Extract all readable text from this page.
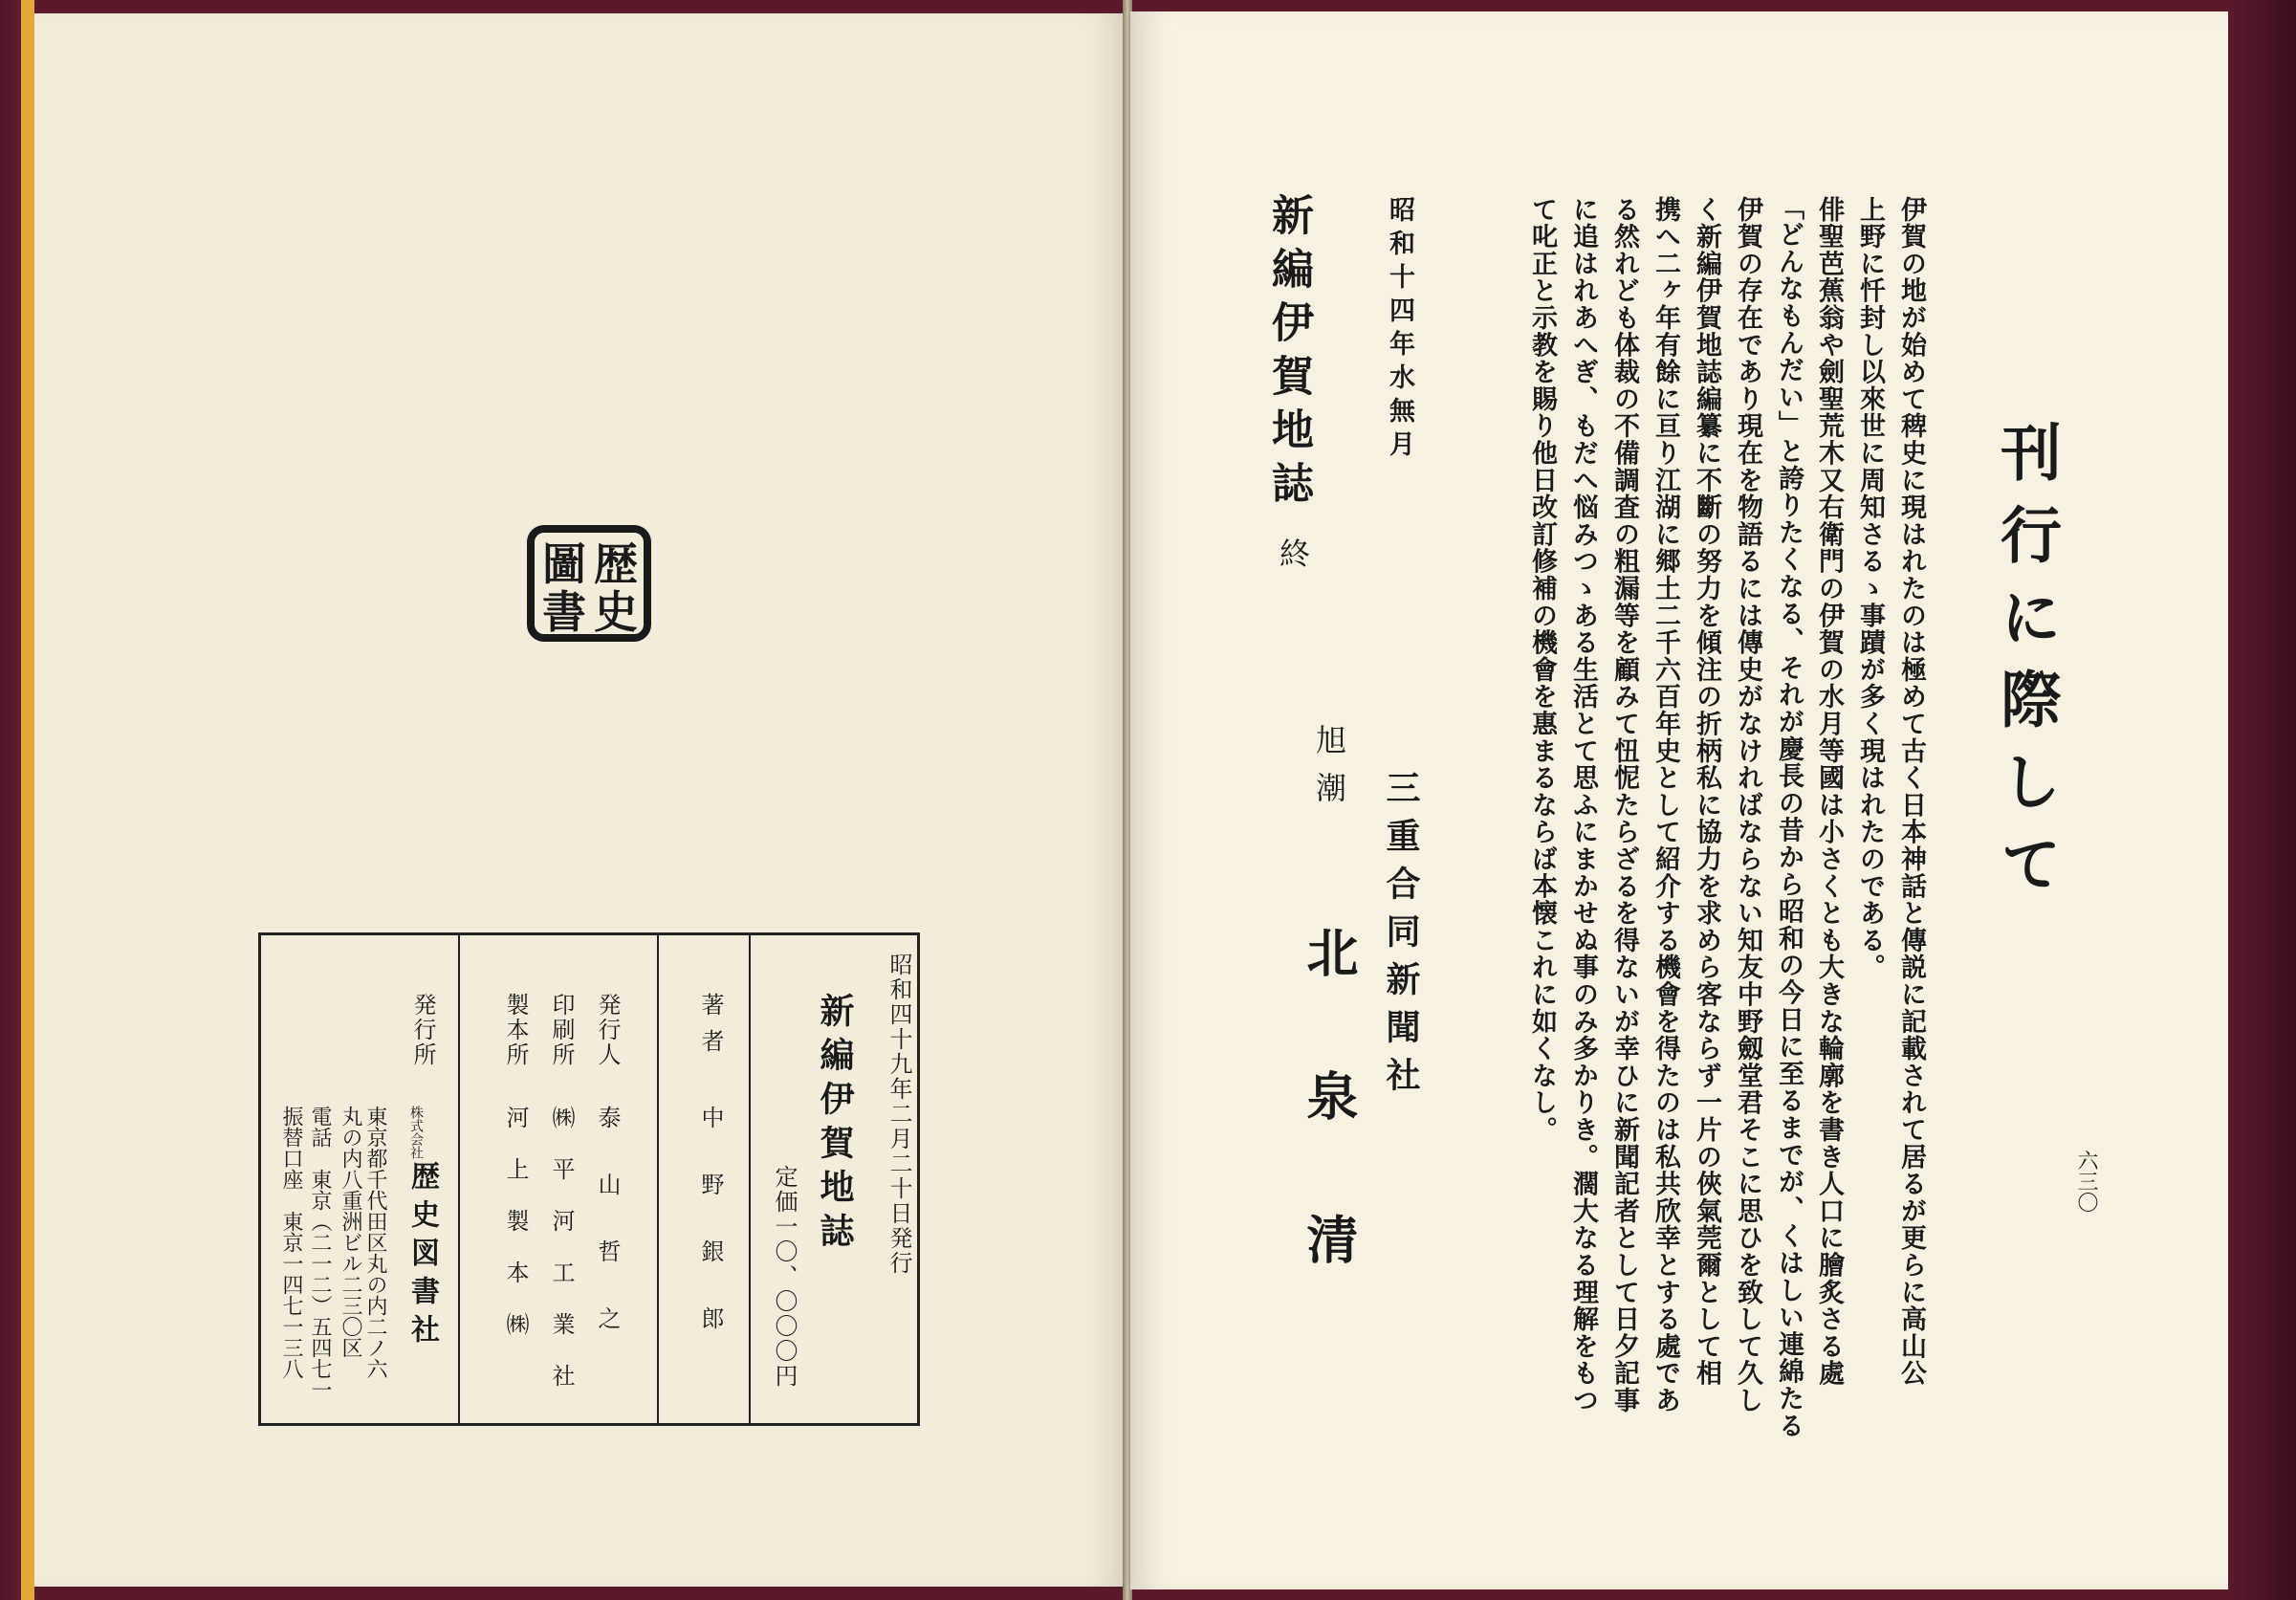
歴
史
圖
書
昭和四十九年二月二十日発行
新編伊賀地誌
定価一〇、〇〇〇円
著者
中野銀郎
発行人
泰山哲之
印刷所
㈱平河工業社
製本所
河上製本㈱
発行所
株式会社
歴史図書社
東京都千代田区丸の内二ノ六
丸の内八重洲ビル二三〇区
電話　東京（二一二）五四七一
振替口座　東京一四七一三八	六三〇
刊行に際して
伊賀の地が始めて稗史に現はれたのは極めて古く日本神話と傳説に記載されて居るが更らに高山公
上野に忏封し以來世に周知さるゝ事蹟が多く現はれたのである。
俳聖芭蕉翁や劍聖荒木又右衛門の伊賀の水月等國は小さくとも大きな輪廓を書き人口に膾炙さる處
「どんなもんだい」と誇りたくなる、それが慶長の昔から昭和の今日に至るまでが、くはしい連綿たる
伊賀の存在であり現在を物語るには傳史がなければならない知友中野劔堂君そこに思ひを致して久し
く新編伊賀地誌編纂に不斷の努力を傾注の折柄私に協力を求めら客ならず一片の俠氣莞爾として相
携へ二ヶ年有餘に亘り江湖に郷土二千六百年史として紹介する機會を得たのは私共欣幸とする處であ
る然れども体裁の不備調査の粗漏等を顧みて忸怩たらざるを得ないが幸ひに新聞記者として日夕記事
に追はれあへぎ、もだへ悩みつゝある生活とて思ふにまかせぬ事のみ多かりき。濶大なる理解をもつ
て叱正と示教を賜り他日改訂修補の機會を惠まるならば本懐これに如くなし。
昭和十四年水無月
三重合同新聞社
旭潮
北泉清
新編伊賀地誌
終
